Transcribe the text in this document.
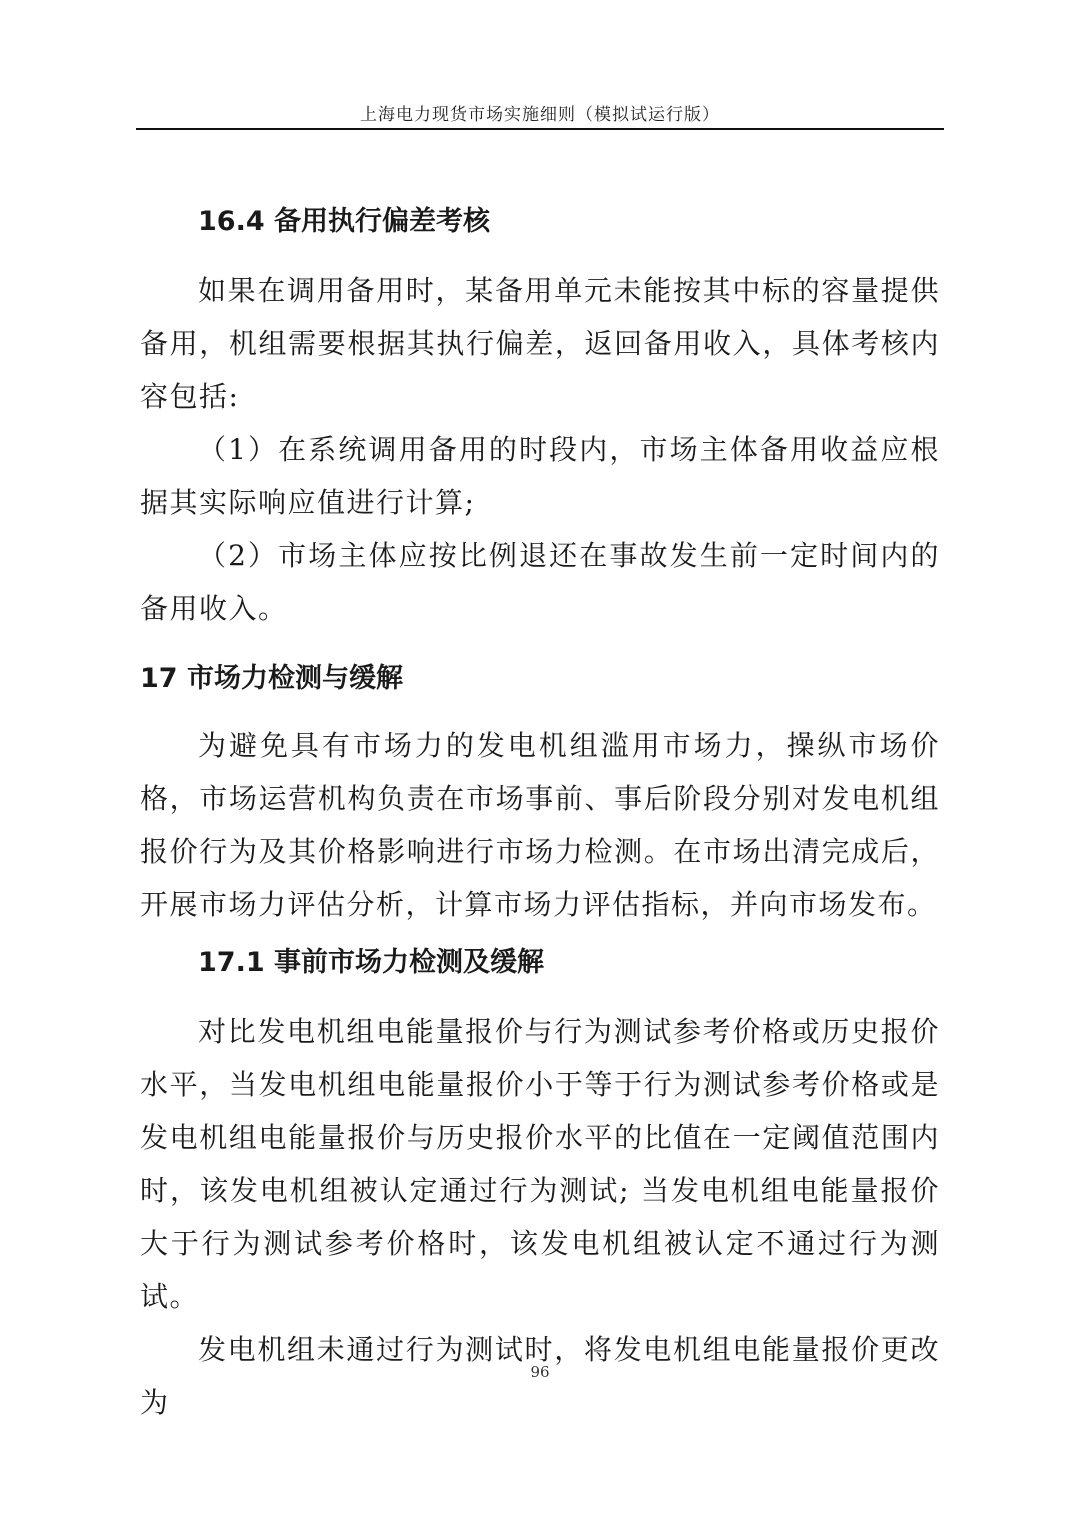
上海电力现货市场实施细则（模拟试运行版）
16.4 备用执行偏差考核

如果在调用备用时，某备用单元未能按其中标的容量提供备用，机组需要根据其执行偏差，返回备用收入，具体考核内容包括:

（1）在系统调用备用的时段内，市场主体备用收益应根据其实际响应值进行计算;

（2）市场主体应按比例退还在事故发生前一定时间内的备用收入。

17 市场力检测与缓解

为避免具有市场力的发电机组滥用市场力，操纵市场价格，市场运营机构负责在市场事前、事后阶段分别对发电机组报价行为及其价格影响进行市场力检测。在市场出清完成后，开展市场力评估分析，计算市场力评估指标，并向市场发布。

17.1 事前市场力检测及缓解

对比发电机组电能量报价与行为测试参考价格或历史报价水平，当发电机组电能量报价小于等于行为测试参考价格或是发电机组电能量报价与历史报价水平的比值在一定阈值范围内时，该发电机组被认定通过行为测试; 当发电机组电能量报价大于行为测试参考价格时，该发电机组被认定不通过行为测试。

发电机组未通过行为测试时，将发电机组电能量报价更改为

96
